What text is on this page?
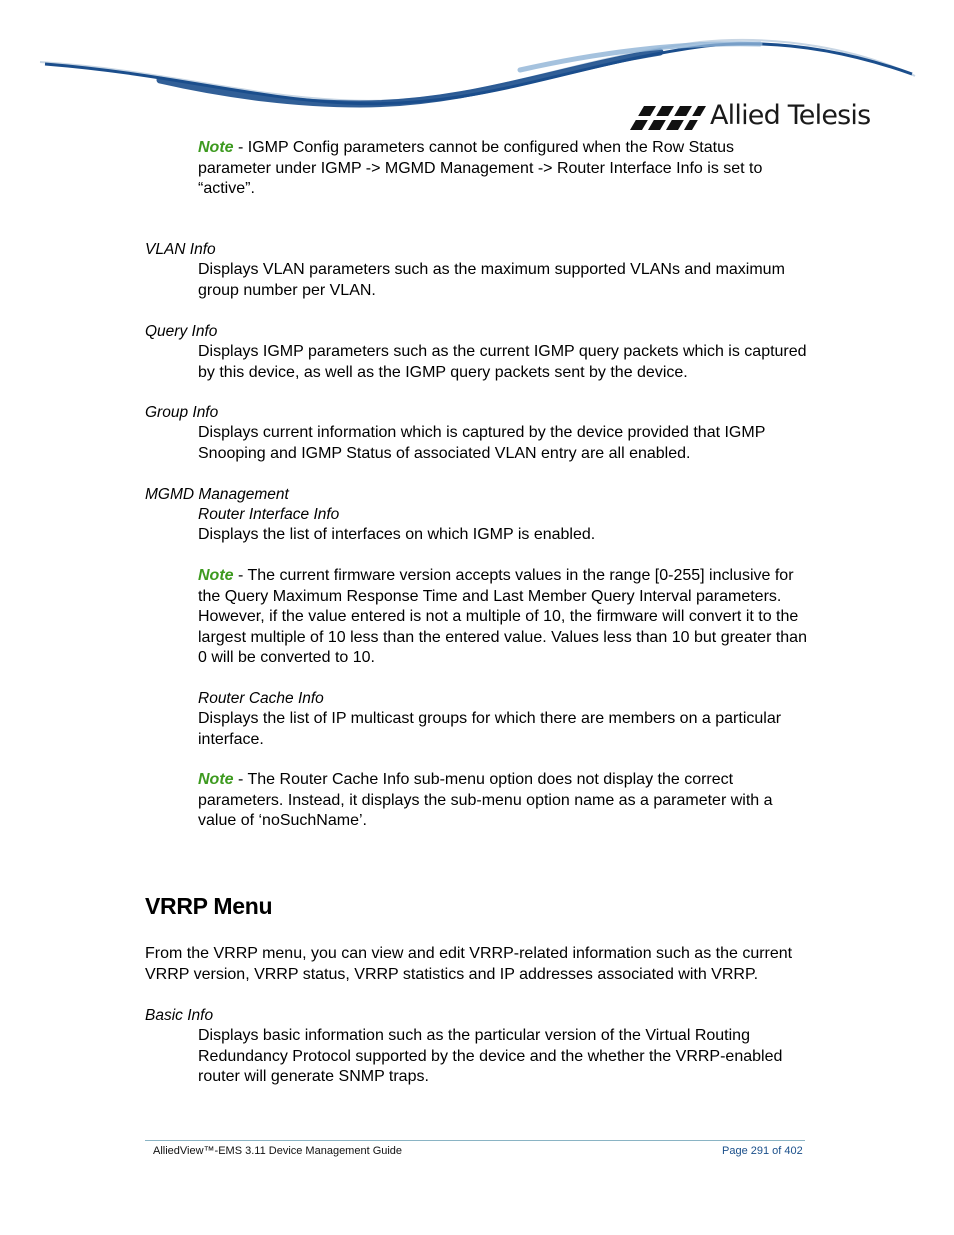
Allied Telesis
Note - IGMP Config parameters cannot be configured when the Row Status parameter under IGMP -> MGMD Management -> Router Interface Info is set to “active”.
VLAN Info
Displays VLAN parameters such as the maximum supported VLANs and maximum group number per VLAN.
Query Info
Displays IGMP parameters such as the current IGMP query packets which is captured by this device, as well as the IGMP query packets sent by the device.
Group Info
Displays current information which is captured by the device provided that IGMP Snooping and IGMP Status of associated VLAN entry are all enabled.
MGMD Management
Router Interface Info
Displays the list of interfaces on which IGMP is enabled.
Note - The current firmware version accepts values in the range [0-255] inclusive for the Query Maximum Response Time and Last Member Query Interval parameters. However, if the value entered is not a multiple of 10, the firmware will convert it to the largest multiple of 10 less than the entered value. Values less than 10 but greater than 0 will be converted to 10.
Router Cache Info
Displays the list of IP multicast groups for which there are members on a particular interface.
Note - The Router Cache Info sub-menu option does not display the correct parameters. Instead, it displays the sub-menu option name as a parameter with a value of ‘noSuchName’.
VRRP Menu
From the VRRP menu, you can view and edit VRRP-related information such as the current VRRP version, VRRP status, VRRP statistics and IP addresses associated with VRRP.
Basic Info
Displays basic information such as the particular version of the Virtual Routing Redundancy Protocol supported by the device and the whether the VRRP-enabled router will generate SNMP traps.
AlliedView™-EMS 3.11 Device Management Guide	Page 291 of 402
